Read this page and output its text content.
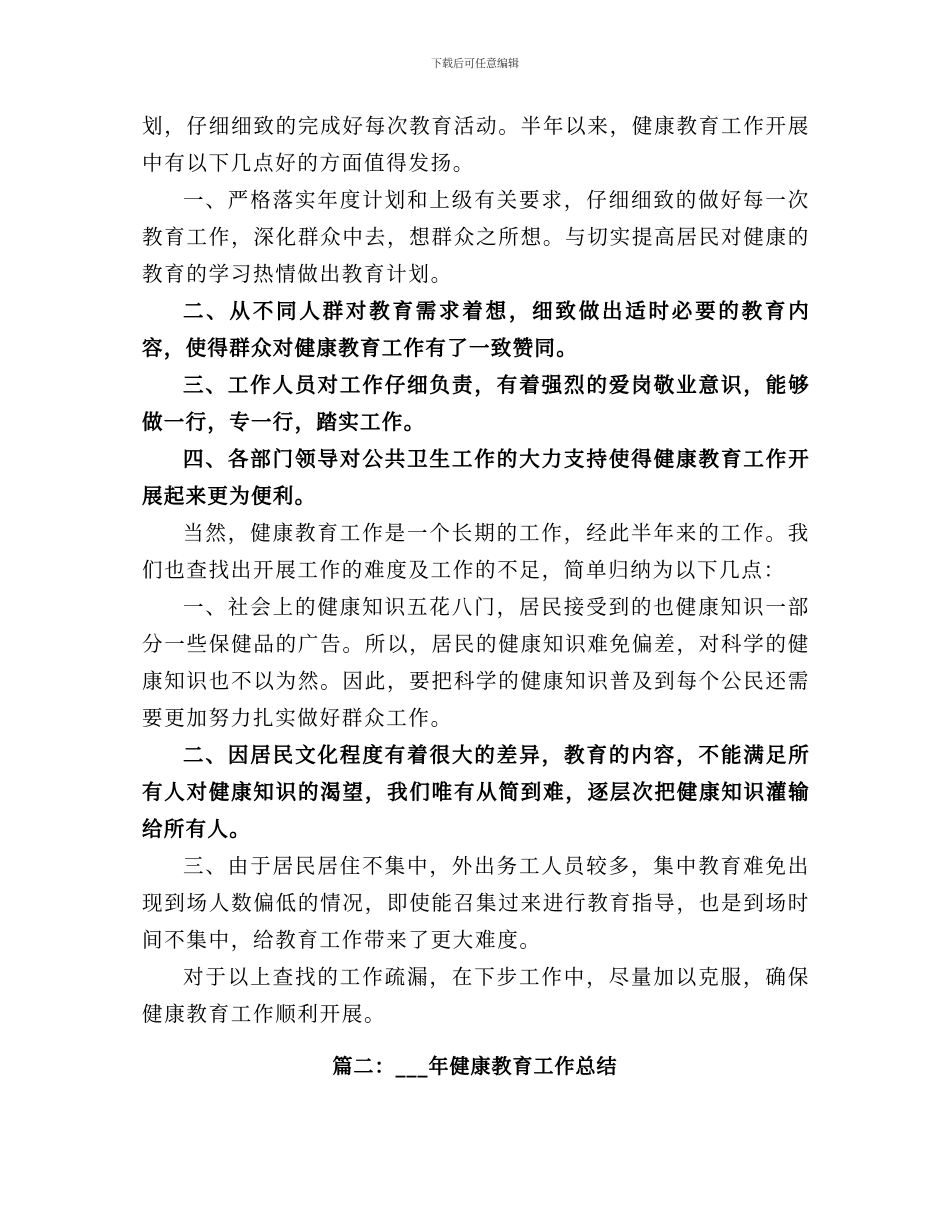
下载后可任意编辑

划，仔细细致的完成好每次教育活动。半年以来，健康教育工作开展中有以下几点好的方面值得发扬。

一、严格落实年度计划和上级有关要求，仔细细致的做好每一次教育工作，深化群众中去，想群众之所想。与切实提高居民对健康的教育的学习热情做出教育计划。

二、从不同人群对教育需求着想，细致做出适时必要的教育内容，使得群众对健康教育工作有了一致赞同。

三、工作人员对工作仔细负责，有着强烈的爱岗敬业意识，能够做一行，专一行，踏实工作。

四、各部门领导对公共卫生工作的大力支持使得健康教育工作开展起来更为便利。

当然，健康教育工作是一个长期的工作，经此半年来的工作。我们也查找出开展工作的难度及工作的不足，简单归纳为以下几点：

一、社会上的健康知识五花八门，居民接受到的也健康知识一部分一些保健品的广告。所以，居民的健康知识难免偏差，对科学的健康知识也不以为然。因此，要把科学的健康知识普及到每个公民还需要更加努力扎实做好群众工作。

二、因居民文化程度有着很大的差异，教育的内容，不能满足所有人对健康知识的渴望，我们唯有从简到难，逐层次把健康知识灌输给所有人。

三、由于居民居住不集中，外出务工人员较多，集中教育难免出现到场人数偏低的情况，即使能召集过来进行教育指导，也是到场时间不集中，给教育工作带来了更大难度。

对于以上查找的工作疏漏，在下步工作中，尽量加以克服，确保健康教育工作顺利开展。

篇二：___年健康教育工作总结
